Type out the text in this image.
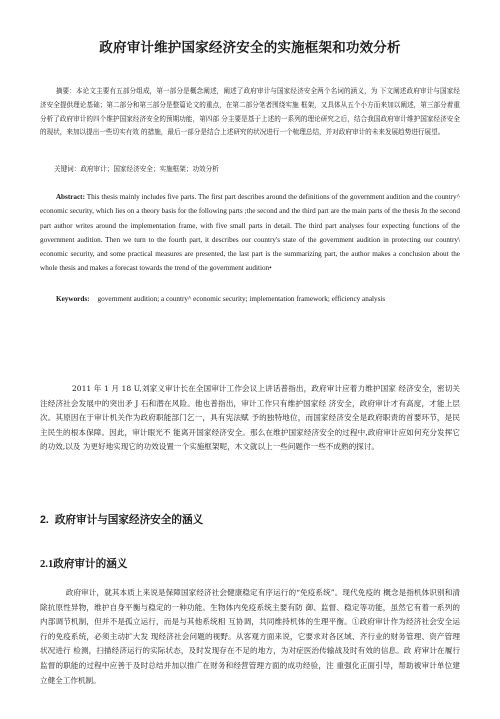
政府审计维护国家经济安全的实施框架和功效分析

摘要：本论文主要有五部分组成，第一部分是概念阐述，阐述了政府审计与国家经济安全两个名词的涵义，为 下文阐述政府审计与国家经济安全提供理论基础；第二部分和第三部分是整篇论文的重点，在第二部分笔者围绕实施 框架，又具体从五个小方而来加以阐述，第三部分着重分析了政府审计的四个维护国家经济安全的预期功能，第四部 分主要是基于上述的一系列的理论研究之后，结合我国政府审计维护国家经济安全的现状，来加以提出一些切实有效 的措施，最后一部分是结合上述研究的状况进行一个梳理总结，并对政府审计的未来发展趋势进行展望。

关键词：政府审计；国家经济安全；实施框架；功效分析

Abstract: This thesis mainly includes five parts. The first part describes around the definitions of the government audition and the country^ economic security, which lies on a theory basis for the following parts ;the second and the third part are the main parts of the thesis Jn the second part author writes around the implementation frame, with five small parts in detail. The third part analyses four expecting functions of the government audition. Then we turn to the fourth part, it describes our country's state of the government audition in protecting our country\ economic security, and some practical measures are presented, the last part is the summarizing part, the author makes a conclusion about the whole thesis and makes a forecast towards the trend of the government audition•

Keywords: government audition; a country^ economic security; implementation framework; efficiency analysis

2011 年 1 月 18 U,刘家义审计长在全国审计工作会议上讲话普指出，政府审计应着力维护国家 经济安全，密切关注经济社会发展中的突出矛 J 石和潜在风险。他也普指出，审计工作只有维护国家经 济安全，政府审计才有高度，才能上层次。其原因在于审计机关作为政府职能部门乞一，具有宪法赋 予的独特地位，而国家经济安全是政府职责的首要环节，是民主民生的根本保障。因此，审计眼光不 能离开国家经济安全。那么在维护国家经济安全的过程中,政府审计应如何充分发挥它的功效,以及 为更好地实现它的功效设置一个实施框架呢，木文就以上一些问题作一些不成熟的探讨。

2. 政府审计与国家经济安全的涵义
2.1政府审计的涵义

政府审计，就其本质上来说是保障国家经济社会健康稳定有序运行的“免疫系统”。现代免疫的 概念是指机体识别和清除抗原性异物，维护自身平衡与稳定的一种功能。生物体内免疫系统主要有防 御、监督、稳定等功能，虽然它有着一系列的内部调节机制，但并不是孤立运行，而是与其他系统相 互协调，共同维持机体的生理平衡。①政府审计作为经济社会安全运行的免疫系统，必须主动扩大发 现经济社会问题的视野。从客观方面来说，它要求对各区域、齐行业的财务管理、资产管理状况进行 检测，扫描经济运行的实际状态，及时发现存在不足的地方，为对症医治传输战及时有效的信息。政 府审计在履行监督的职能的过程中应善于及时总结并加以推广在财务和经营管理方面的成功经验，注 重强化正面引导，帮助被审计单位建立健全工作机制。
